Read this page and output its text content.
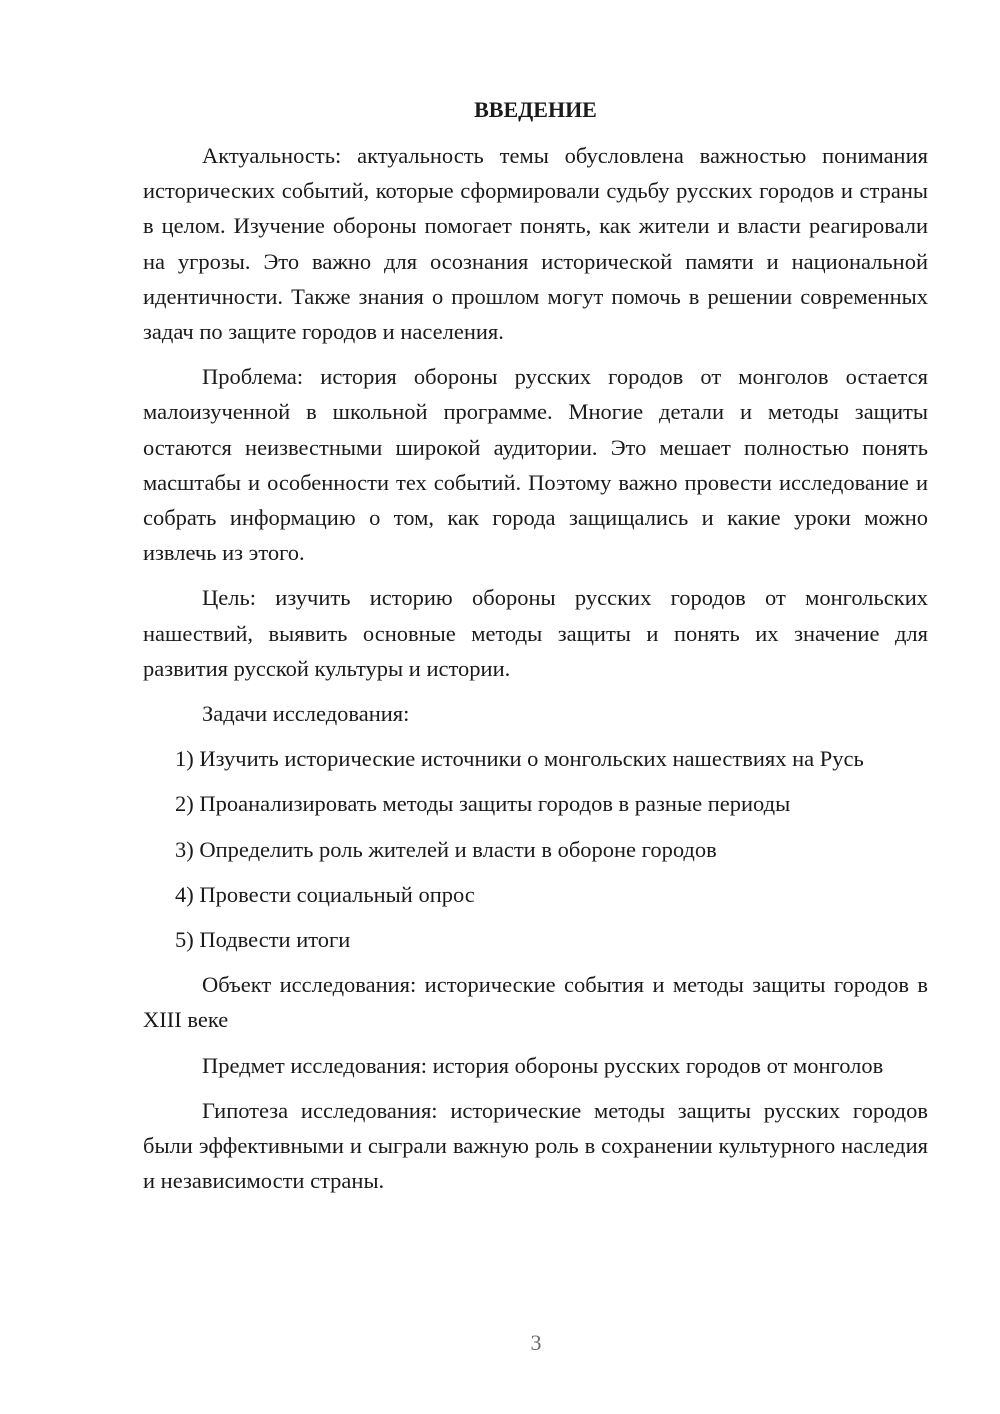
ВВЕДЕНИЕ

Актуальность: актуальность темы обусловлена важностью понимания исторических событий, которые сформировали судьбу русских городов и страны в целом. Изучение обороны помогает понять, как жители и власти реагировали на угрозы. Это важно для осознания исторической памяти и национальной идентичности. Также знания о прошлом могут помочь в решении современных задач по защите городов и населения.

Проблема: история обороны русских городов от монголов остается малоизученной в школьной программе. Многие детали и методы защиты остаются неизвестными широкой аудитории. Это мешает полностью понять масштабы и особенности тех событий. Поэтому важно провести исследование и собрать информацию о том, как города защищались и какие уроки можно извлечь из этого.

Цель: изучить историю обороны русских городов от монгольских нашествий, выявить основные методы защиты и понять их значение для развития русской культуры и истории.

Задачи исследования:

1) Изучить исторические источники о монгольских нашествиях на Русь

2) Проанализировать методы защиты городов в разные периоды

3) Определить роль жителей и власти в обороне городов

4) Провести социальный опрос

5) Подвести итоги

Объект исследования: исторические события и методы защиты городов в XIII веке

Предмет исследования: история обороны русских городов от монголов

Гипотеза исследования: исторические методы защиты русских городов были эффективными и сыграли важную роль в сохранении культурного наследия и независимости страны.

3
